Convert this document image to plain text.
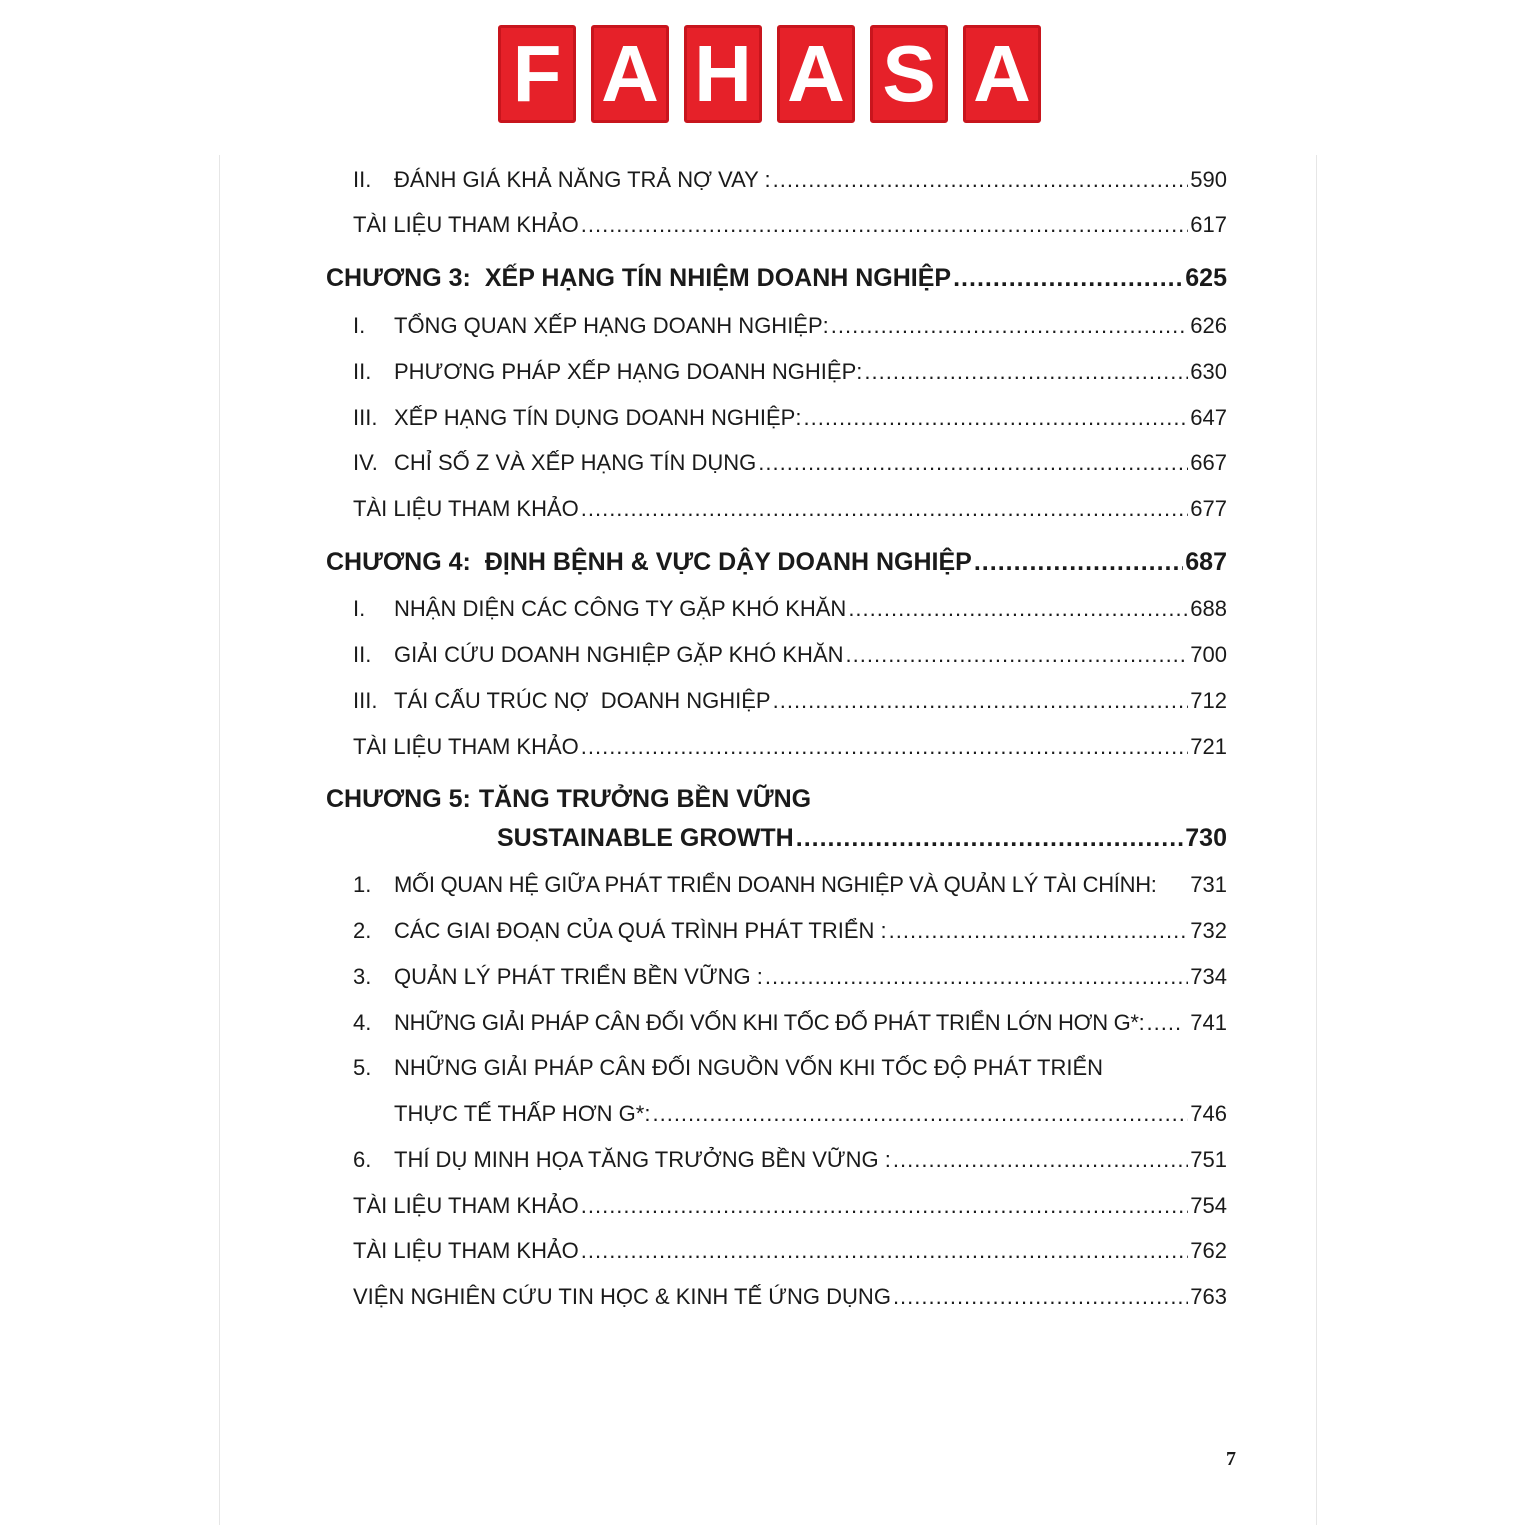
F A H A S A
II.	ĐÁNH GIÁ KHẢ NĂNG TRẢ NỢ VAY : .....	590
TÀI LIỆU THAM KHẢO .....	617
CHƯƠNG 3: XẾP HẠNG TÍN NHIỆM DOANH NGHIỆP .....	625
I.	TỔNG QUAN XẾP HẠNG DOANH NGHIỆP: .....	626
II.	PHƯƠNG PHÁP XẾP HẠNG DOANH NGHIỆP: .....	630
III. XẾP HẠNG TÍN DỤNG DOANH NGHIỆP: .....	647
IV. CHỈ SỐ Z VÀ XẾP HẠNG TÍN DỤNG .....	667
TÀI LIỆU THAM KHẢO .....	677
CHƯƠNG 4: ĐỊNH BỆNH & VỰC DẬY DOANH NGHIỆP .....	687
I.	NHẬN DIỆN CÁC CÔNG TY GẶP KHÓ KHĂN .....	688
II.	GIẢI CỨU DOANH NGHIỆP GẶP KHÓ KHĂN .....	700
III. TÁI CẤU TRÚC NỢ  DOANH NGHIỆP .....	712
TÀI LIỆU THAM KHẢO .....	721
CHƯƠNG 5: TĂNG TRƯỞNG BỀN VỮNG
SUSTAINABLE GROWTH .....	730
1.	MỐI QUAN HỆ GIỮA PHÁT TRIỂN DOANH NGHIỆP VÀ QUẢN LÝ TÀI CHÍNH: 731
2.	CÁC GIAI ĐOẠN CỦA QUÁ TRÌNH PHÁT TRIỂN : .....	732
3.	QUẢN LÝ PHÁT TRIỂN BỀN VỮNG : .....	734
4.	NHỮNG GIẢI PHÁP CÂN ĐỐI VỐN KHI TỐC ĐỐ PHÁT TRIỂN LỚN HƠN G*: ..... 741
5.	NHỮNG GIẢI PHÁP CÂN ĐỐI NGUỒN VỐN KHI TỐC ĐỘ PHÁT TRIỂN
THỰC TẾ THẤP HƠN G*: .....	746
6.	THÍ DỤ MINH HỌA TĂNG TRƯỞNG BỀN VỮNG : .....	751
TÀI LIỆU THAM KHẢO .....	754
TÀI LIỆU THAM KHẢO .....	762
VIỆN NGHIÊN CỨU TIN HỌC & KINH TẾ ỨNG DỤNG .....	763
7
